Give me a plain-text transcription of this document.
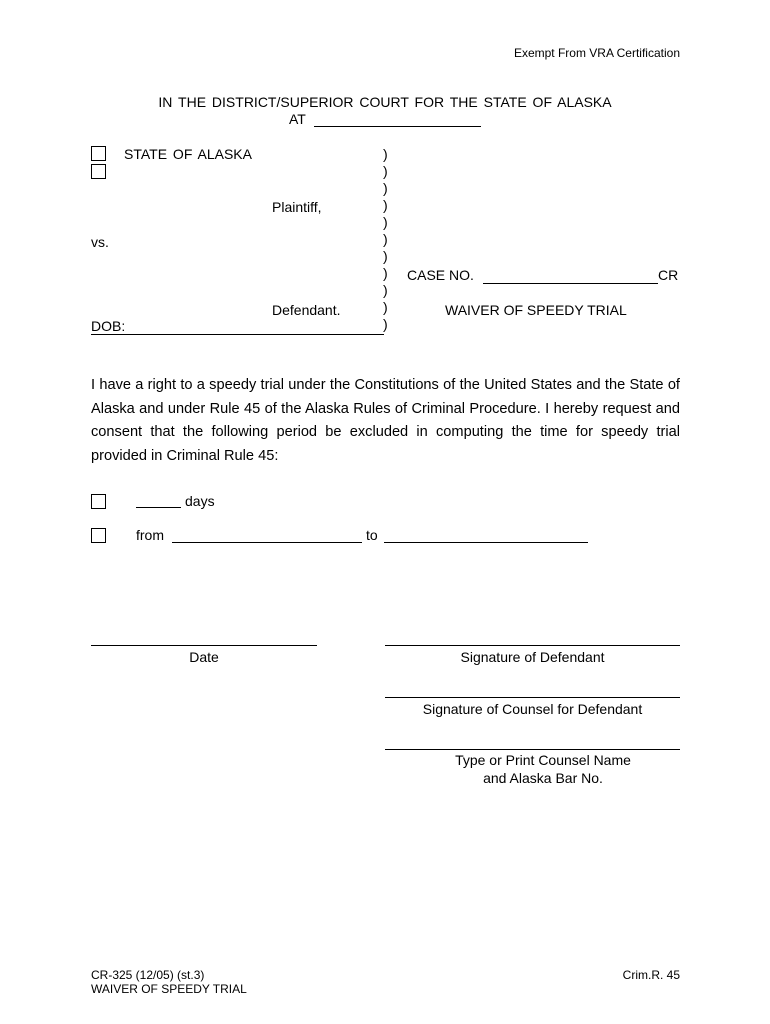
Exempt From VRA Certification
IN THE DISTRICT/SUPERIOR COURT FOR THE STATE OF ALASKA
AT
STATE OF ALASKA
Plaintiff,
vs.
Defendant.
DOB:
)
)
)
)
)
)
)
)
)
)
)
CASE NO.	CR
WAIVER OF SPEEDY TRIAL
I have a right to a speedy trial under the Constitutions of the United States and the State of Alaska and under Rule 45 of the Alaska Rules of Criminal Procedure. I hereby request and consent that the following period be excluded in computing the time for speedy trial provided in Criminal Rule 45:
days
from	to
Date	Signature of Defendant
Signature of Counsel for Defendant
Type or Print Counsel Name
and Alaska Bar No.
CR-325 (12/05) (st.3)
WAIVER OF SPEEDY TRIAL
Crim.R. 45
